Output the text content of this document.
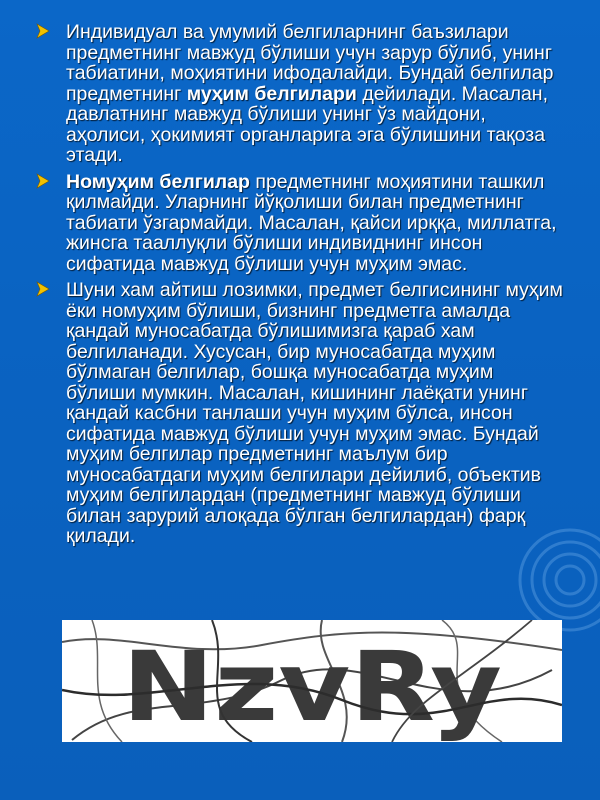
Индивидуал ва умумий белгиларнинг баъзилари предметнинг мавжуд бўлиши учун зарур бўлиб, унинг табиатини, моҳиятини ифодалайди. Бундай белгилар предметнинг муҳим белгилари дейилади. Масалан, давлатнинг мавжуд бўлиши унинг ўз майдони, аҳолиси, ҳокимият органларига эга бўлишини тақоза этади.
Номуҳим белгилар предметнинг моҳиятини ташкил қилмайди. Уларнинг йўқолиши билан предметнинг табиати ўзгармайди. Масалан, қайси ирққа, миллатга, жинсга тааллуқли бўлиши индивиднинг инсон сифатида мавжуд бўлиши учун муҳим эмас.
Шуни хам айтиш лозимки, предмет белгисининг муҳим ёки номуҳим бўлиши, бизнинг предметга амалда қандай муносабатда бўлишимизга қараб хам белгиланади. Хусусан, бир муносабатда муҳим бўлмаган белгилар, бошқа муносабатда муҳим бўлиши мумкин. Масалан, кишининг лаёқати унинг қандай касбни танлаши учун муҳим бўлса, инсон сифатида мавжуд бўлиши учун муҳим эмас. Бундай муҳим белгилар предметнинг маълум бир муносабатдаги муҳим белгилари дейилиб, объектив муҳим белгилардан (предметнинг мавжуд бўлиши билан зарурий алоқада бўлган белгилардан) фарқ қилади.
NzvRy
